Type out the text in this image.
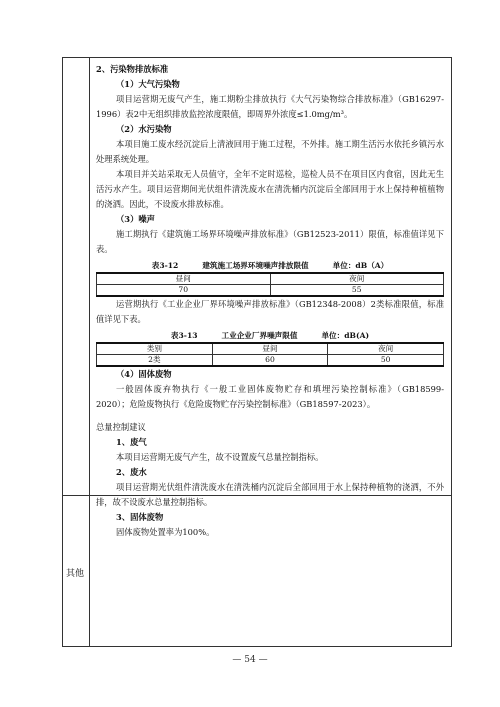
其他

2、污染物排放标准

（1）大气污染物

项目运营期无废气产生，施工期粉尘排放执行《大气污染物综合排放标准》（GB16297-1996）表2中无组织排放监控浓度限值，即周界外浓度≤1.0mg/m³。

（2）水污染物

本项目施工废水经沉淀后上清液回用于施工过程，不外排。施工期生活污水依托乡镇污水处理系统处理。

本项目并关站采取无人员值守，全年不定时巡检，巡检人员不在项目区内食宿，因此无生活污水产生。项目运营期间光伏组件清洗废水在清洗桶内沉淀后全部回用于水上保持种植植物的浇洒。因此，不设废水排放标准。

（3）噪声

施工期执行《建筑施工场界环境噪声排放标准》（GB12523-2011）限值，标准值详见下表。

表3-12	建筑施工场界环境噪声排放限值	单位：dB（A）
昼间	夜间
70	55

运营期执行《工业企业厂界环境噪声排放标准》（GB12348-2008）2类标准限值，标准值详见下表。

表3-13	工业企业厂界噪声限值	单位：dB(A)
类别	昼间	夜间
2类	60	50

（4）固体废物

一般固体废弃物执行《一般工业固体废物贮存和填埋污染控制标准》（GB18599-2020）；危险废物执行《危险废物贮存污染控制标准》（GB18597-2023）。

总量控制建议

1、废气

本项目运营期无废气产生，故不设置废气总量控制指标。

2、废水

项目运营期光伏组件清洗废水在清洗桶内沉淀后全部回用于水上保持种植物的浇洒，不外排，故不设废水总量控制指标。

3、固体废物

固体废物处置率为100%。

— 54 —
